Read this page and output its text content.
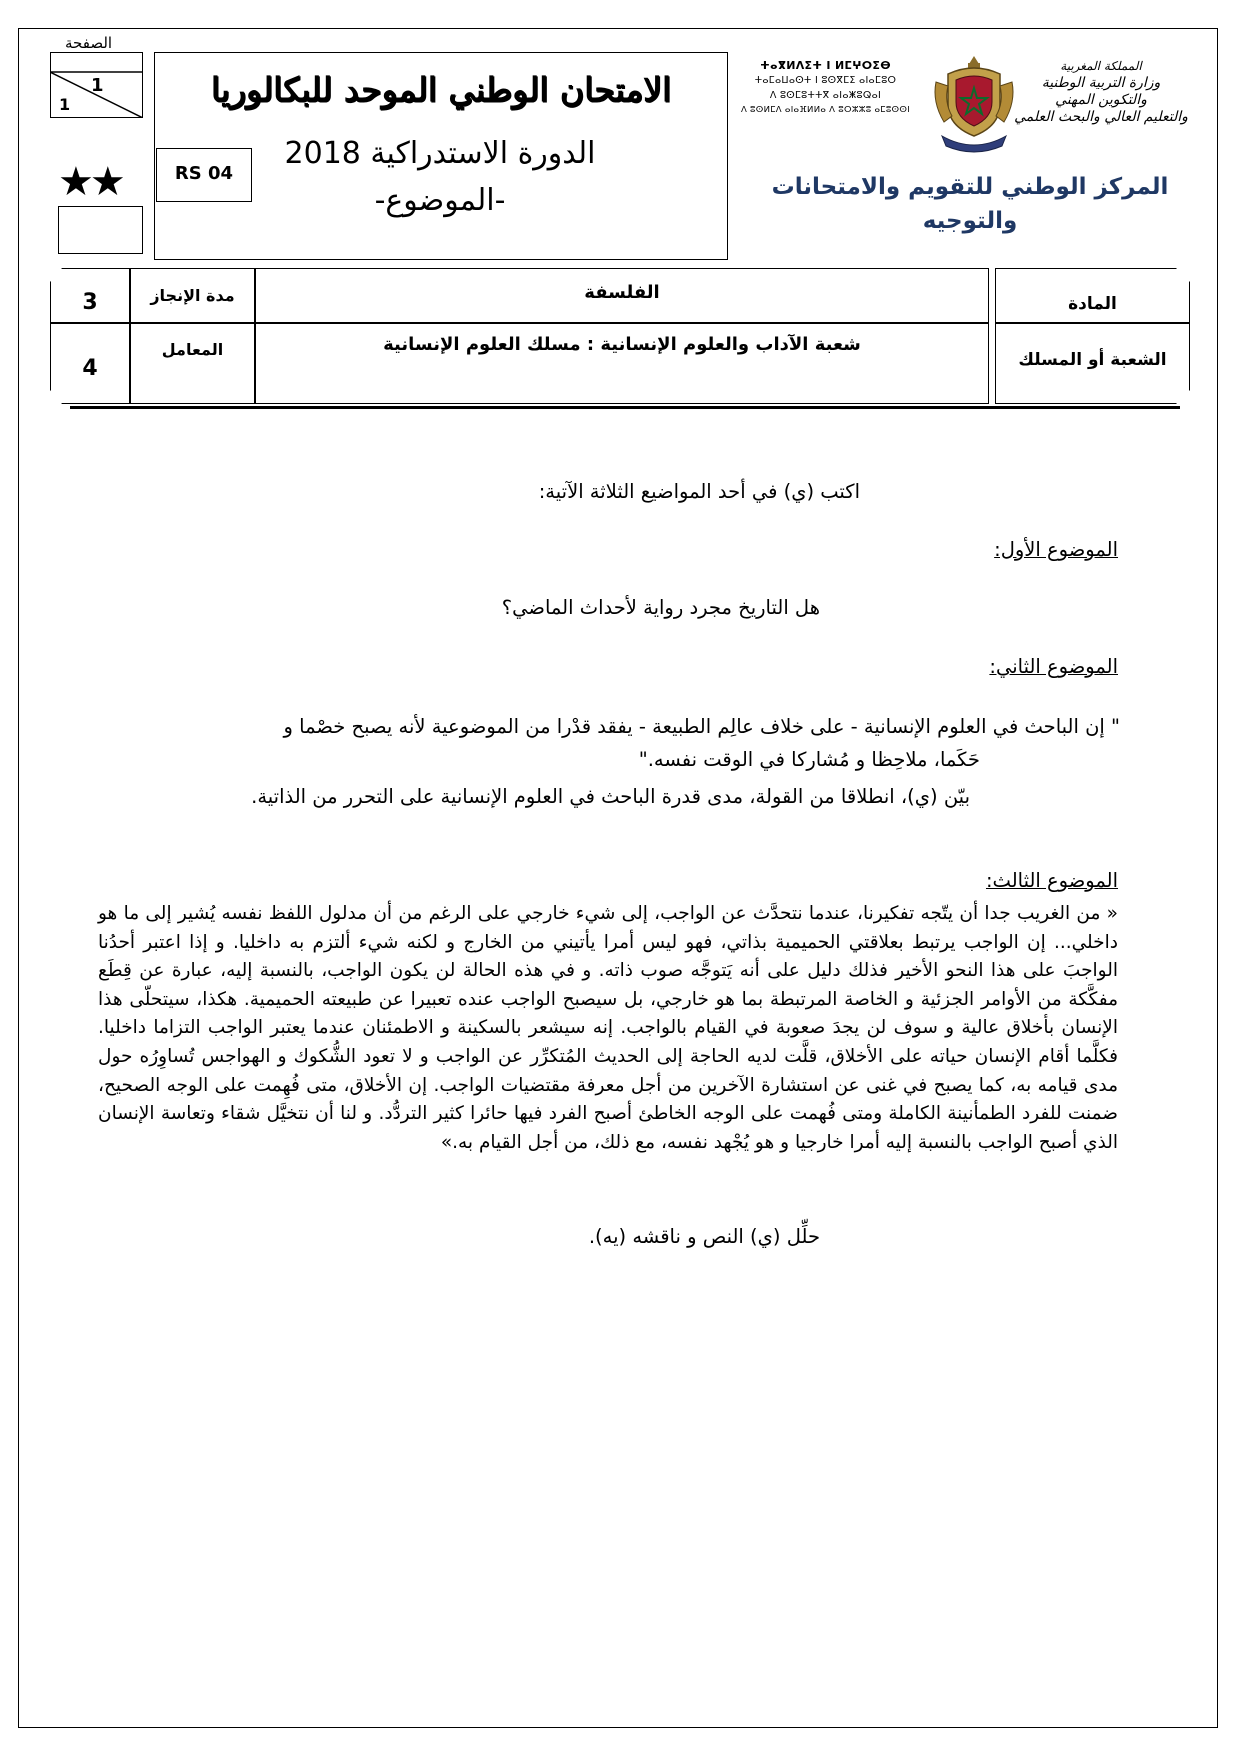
الصفحة
1
1
★★
الامتحان الوطني الموحد للبكالوريا
RS 04
الدورة الاستدراكية 2018
-الموضوع-
ⵜⴰⴳⵍⴷⵉⵜ ⵏ ⵍⵎⵖⵔⵉⴱ
ⵜⴰⵎⴰⵡⴰⵙⵜ ⵏ ⵓⵙⴳⵎⵉ ⴰⵏⴰⵎⵓⵔ
ⴷ ⵓⵙⵎⵓⵜⵜⴳ ⴰⵏⴰⵥⵓⵕⴰⵏ
ⴷ ⵓⵙⵍⵎⴷ ⴰⵏⴰⴼⵍⵍⴰ ⴷ ⵓⵔⵣⵣⵓ ⴰⵎⵓⵙⵙⵏ
المملكة المغربية
وزارة التربية الوطنية
والتكوين المهني
والتعليم العالي والبحث العلمي
المركز الوطني للتقويم والامتحانات
والتوجيه
3
4
مدة الإنجاز
المعامل
الفلسفة
شعبة الآداب والعلوم الإنسانية : مسلك العلوم الإنسانية
المادة
الشعبة أو المسلك
اكتب (ي) في أحد المواضيع الثلاثة الآتية:
الموضوع الأول:
هل التاريخ مجرد رواية لأحداث الماضي؟
الموضوع الثاني:
" إن الباحث في العلوم الإنسانية - على خلاف عالِم الطبيعة - يفقد قدْرا من الموضوعية لأنه يصبح خصْما و
حَكَما، ملاحِظا و مُشاركا في الوقت نفسه."
بيّن (ي)، انطلاقا من القولة، مدى قدرة الباحث في العلوم الإنسانية على التحرر من الذاتية.
الموضوع الثالث:
« من الغريب جدا أن يتّجه تفكيرنا، عندما نتحدَّث عن الواجب، إلى شيء خارجي على الرغم من أن مدلول اللفظ نفسه يُشير إلى ما هو داخلي... إن الواجب يرتبط بعلاقتي الحميمية بذاتي، فهو ليس أمرا يأتيني من الخارج و لكنه شيء ألتزم به داخليا. و إذا اعتبر أحدُنا الواجبَ على هذا النحو الأخير فذلك دليل على أنه يَتوجَّه صوب ذاته. و في هذه الحالة لن يكون الواجب، بالنسبة إليه، عبارة عن قِطَع مفكَّكة من الأوامر الجزئية و الخاصة المرتبطة بما هو خارجي، بل سيصبح الواجب عنده تعبيرا عن طبيعته الحميمية. هكذا، سيتحلّى هذا الإنسان بأخلاق عالية و سوف لن يجدَ صعوبة في القيام بالواجب. إنه سيشعر بالسكينة و الاطمئنان عندما يعتبر الواجب التزاما داخليا. فكلَّما أقام الإنسان حياته على الأخلاق، قلَّت لديه الحاجة إلى الحديث المُتكرِّر عن الواجب و لا تعود الشُّكوك و الهواجس تُساوِرُه حول مدى قيامه به، كما يصبح في غنى عن استشارة الآخرين من أجل معرفة مقتضيات الواجب. إن الأخلاق، متى فُهِمت على الوجه الصحيح، ضمنت للفرد الطمأنينة الكاملة ومتى فُهمت على الوجه الخاطئ أصبح الفرد فيها حائرا كثير التردُّد. و لنا أن نتخيَّل شقاء وتعاسة الإنسان الذي أصبح الواجب بالنسبة إليه أمرا خارجيا و هو يُجْهد نفسه، مع ذلك، من أجل القيام به.»
حلِّل (ي) النص و ناقشه (يه).
